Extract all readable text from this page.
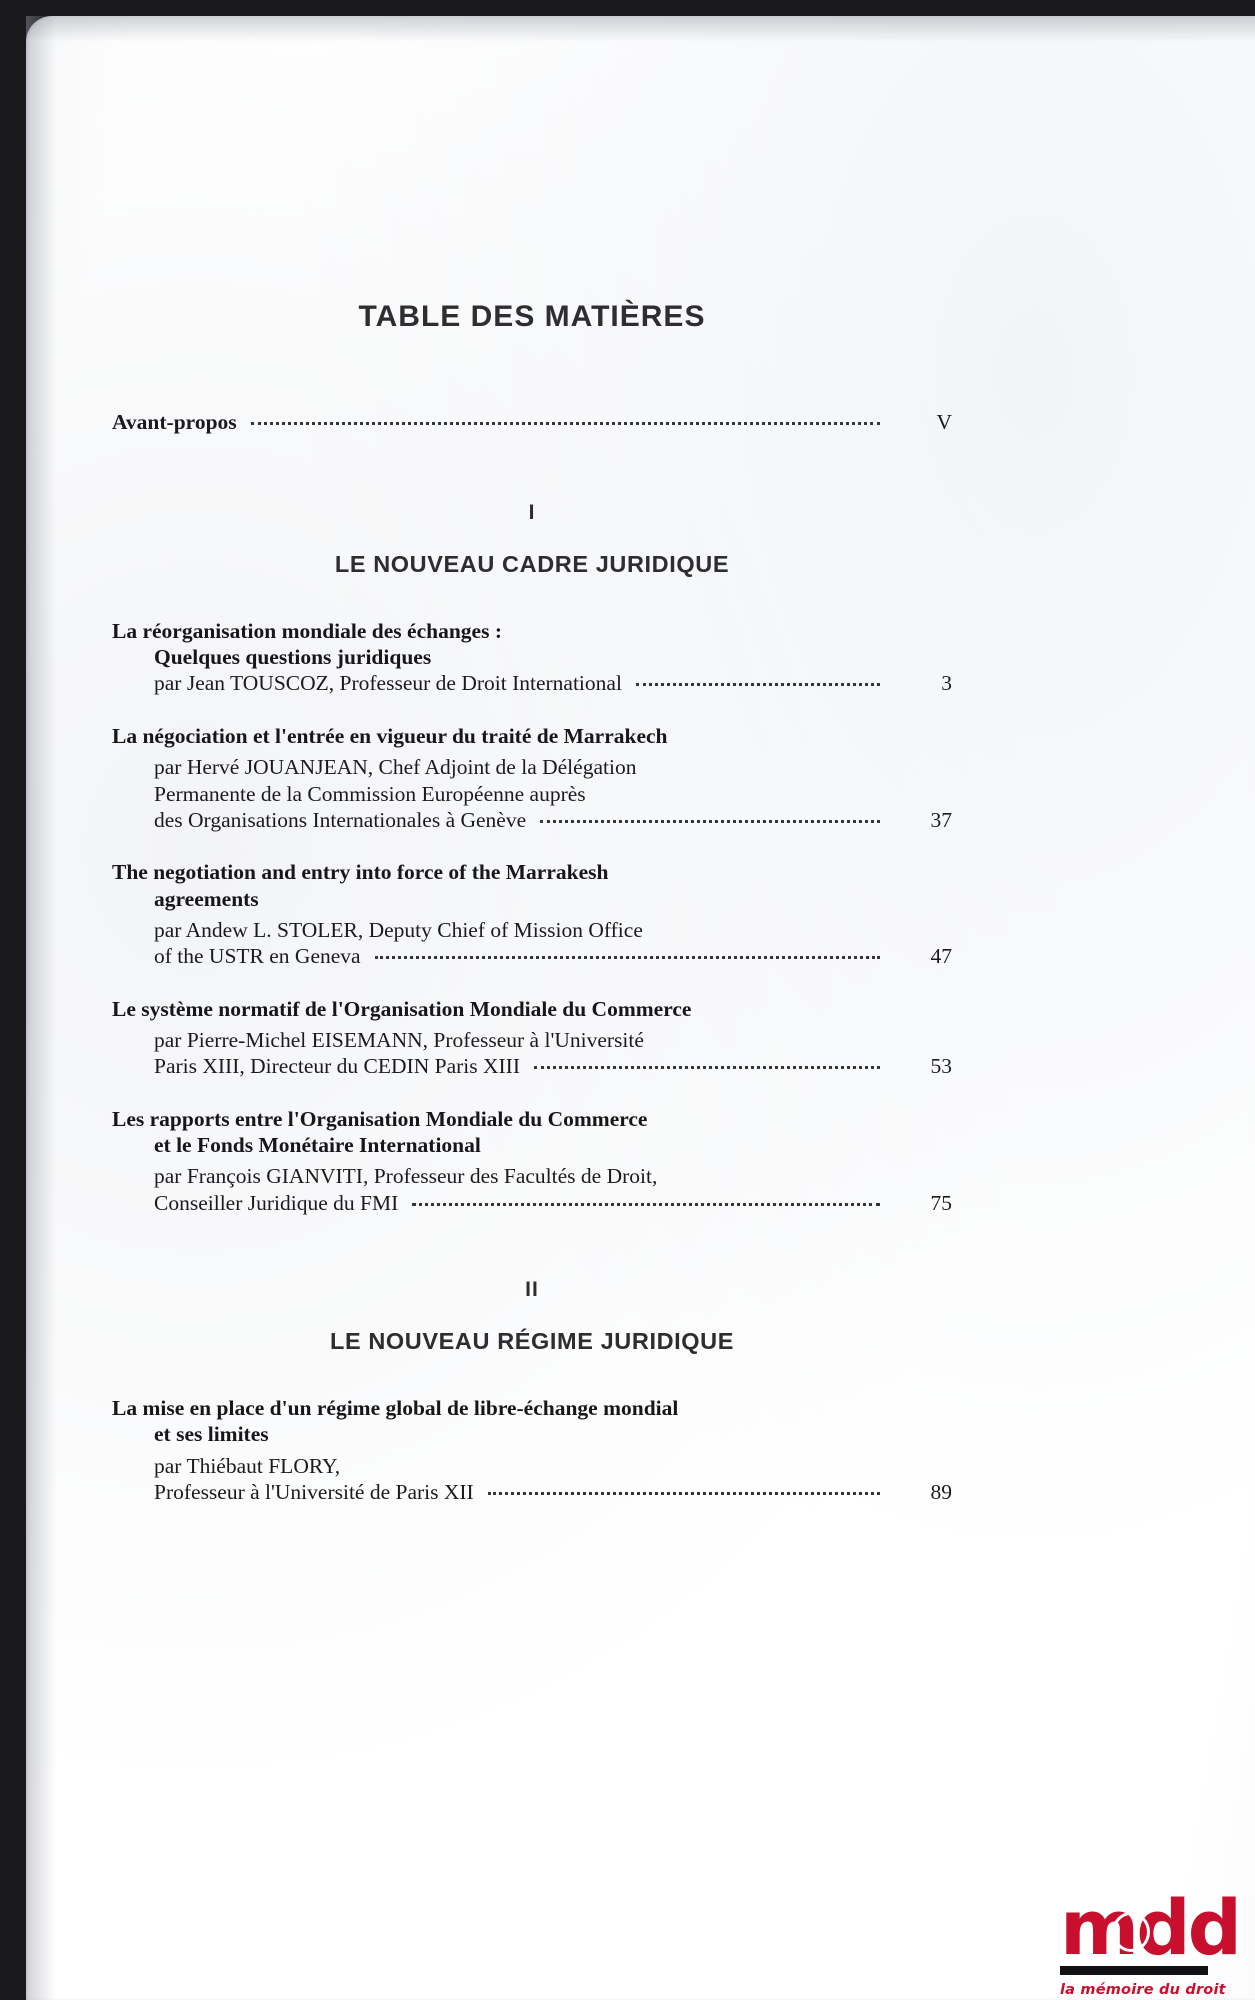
TABLE DES MATIÈRES
Avant-propos	V
I
LE NOUVEAU CADRE JURIDIQUE
La réorganisation mondiale des échanges :
Quelques questions juridiques
par Jean TOUSCOZ, Professeur de Droit International	3
La négociation et l'entrée en vigueur du traité de Marrakech
par Hervé JOUANJEAN, Chef Adjoint de la Délégation
Permanente de la Commission Européenne auprès
des Organisations Internationales à Genève	37
The negotiation and entry into force of the Marrakesh
agreements
par Andew L. STOLER, Deputy Chief of Mission Office
of the USTR en Geneva	47
Le système normatif de l'Organisation Mondiale du Commerce
par Pierre-Michel EISEMANN, Professeur à l'Université
Paris XIII, Directeur du CEDIN Paris XIII	53
Les rapports entre l'Organisation Mondiale du Commerce
et le Fonds Monétaire International
par François GIANVITI, Professeur des Facultés de Droit,
Conseiller Juridique du FMI	75
II
LE NOUVEAU RÉGIME JURIDIQUE
La mise en place d'un régime global de libre-échange mondial
et ses limites
par Thiébaut FLORY,
Professeur à l'Université de Paris XII	89
mdd
la mémoire du droit
